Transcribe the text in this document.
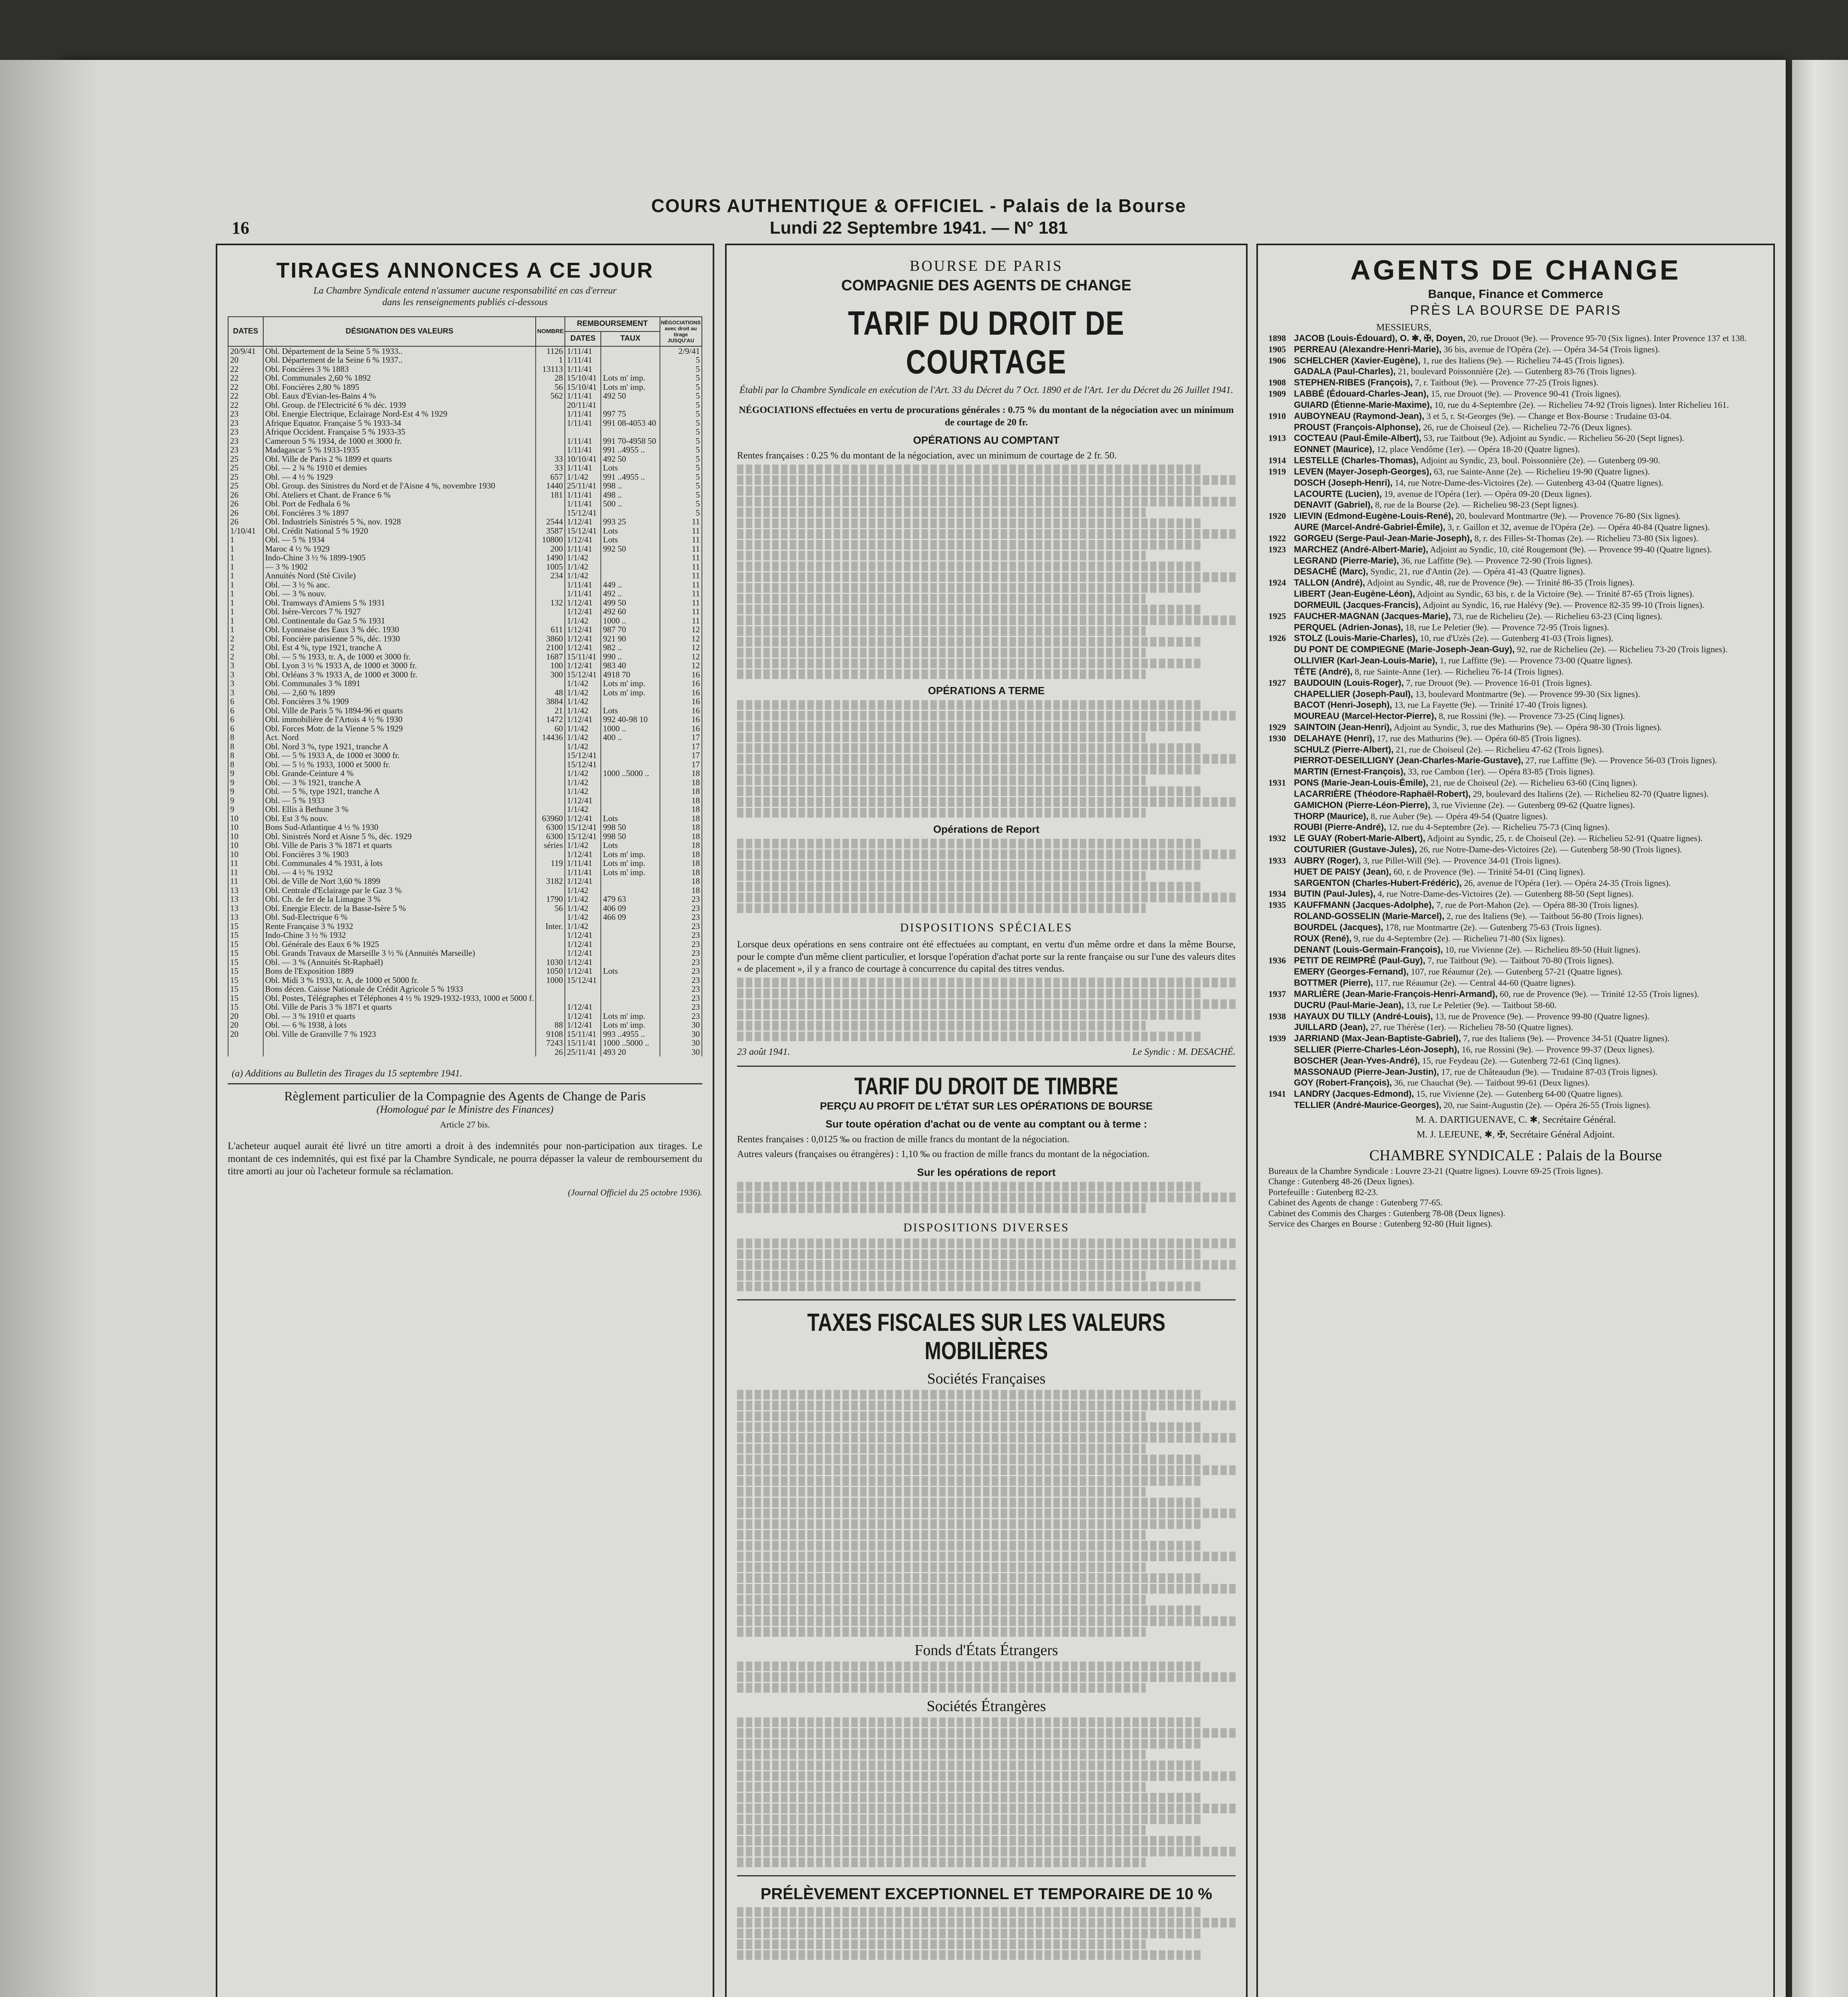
16
COURS AUTHENTIQUE & OFFICIEL - Palais de la Bourse
Lundi 22 Septembre 1941. — N° 181
TIRAGES ANNONCES A CE JOUR

La Chambre Syndicale entend n'assumer aucune responsabilité en cas d'erreur

dans les renseignements publiés ci-dessous

DATES	DÉSIGNATION DES VALEURS	NOMBRE	REMBOURSEMENT		NÉGOCIATIONS avec droit au tirage JUSQU'AU
			DATES	TAUX	
20/9/41	Obl. Département de la Seine 5 % 1933..	1126	1/11/41		2/9/41
20	Obl. Département de la Seine 6 % 1937..	1	1/11/41		5
22	Obl. Foncières 3 % 1883	13113	1/11/41		5
22	Obl. Communales 2,60 % 1892	28	15/10/41	Lots m' imp.	5
22	Obl. Foncières 2,80 % 1895	56	15/10/41	Lots m' imp.	5
22	Obl. Eaux d'Evian-les-Bains 4 %	562	1/11/41	492 50	5
22	Obl. Group. de l'Electricité 6 % déc. 1939		20/11/41		5
23	Obl. Energie Electrique, Eclairage Nord-Est 4 % 1929		1/11/41	997 75	5
23	Afrique Equator. Française 5 % 1933-34		1/11/41	991 08-4053 40	5
23	Afrique Occident. Française 5 % 1933-35				5
23	Cameroun 5 % 1934, de 1000 et 3000 fr.		1/11/41	991 70-4958 50	5
23	Madagascar 5 % 1933-1935		1/11/41	991 ..4955 ..	5
25	Obl. Ville de Paris 2 % 1899 et quarts	33	10/10/41	492 50	5
25	Obl. — 2 ¾ % 1910 et demies	33	1/11/41	Lots	5
25	Obl. — 4 ½ % 1929	657	1/1/42	991 ..4955 ..	5
25	Obl. Group. des Sinistres du Nord et de l'Aisne 4 %, novembre 1930	1440	25/11/41	998 ..	5
26	Obl. Ateliers et Chant. de France 6 %	181	1/11/41	498 ..	5
26	Obl. Port de Fedhala 6 %		1/11/41	500 ..	5
26	Obl. Foncières 3 % 1897		15/12/41		5
26	Obl. Industriels Sinistrés 5 %, nov. 1928	2544	1/12/41	993 25	11
1/10/41	Obl. Crédit National 5 % 1920	3587	15/12/41	Lots	11
1	Obl. — 5 % 1934	10800	1/12/41	Lots	11
1	Maroc 4 ½ % 1929	200	1/11/41	992 50	11
1	Indo-Chine 3 ½ % 1899-1905	1490	1/1/42		11
1	— 3 % 1902	1005	1/1/42		11
1	Annuités Nord (Stè Civile)	234	1/1/42		11
1	Obl. — 3 ½ % anc.		1/11/41	449 ..	11
1	Obl. — 3 % nouv.		1/11/41	492 ..	11
1	Obl. Tramways d'Amiens 5 % 1931	132	1/12/41	499 50	11
1	Obl. Isère-Vercors 7 % 1927		1/12/41	492 60	11
1	Obl. Continentale du Gaz 5 % 1931		1/1/42	1000 ..	11
1	Obl. Lyonnaise des Eaux 3 % déc. 1930	611	1/12/41	987 70	12
2	Obl. Foncière parisienne 5 %, déc. 1930	3860	1/12/41	921 90	12
2	Obl. Est 4 %, type 1921, tranche A	2100	1/12/41	982 ..	12
2	Obl. — 5 % 1933, tr. A, de 1000 et 3000 fr.	1687	15/11/41	990 ..	12
3	Obl. Lyon 3 ½ % 1933 A, de 1000 et 3000 fr.	100	1/12/41	983 40	12
3	Obl. Orléans 3 % 1933 A, de 1000 et 3000 fr.	300	15/12/41	4918 70	16
3	Obl. Communales 3 % 1891		1/1/42	Lots m' imp.	16
3	Obl. — 2,60 % 1899	48	1/1/42	Lots m' imp.	16
6	Obl. Foncières 3 % 1909	3884	1/1/42		16
6	Obl. Ville de Paris 5 % 1894-96 et quarts	21	1/1/42	Lots	16
6	Obl. immobilière de l'Artois 4 ½ % 1930	1472	1/12/41	992 40-98 10	16
6	Obl. Forces Motr. de la Vienne 5 % 1929	60	1/1/42	1000 ..	16
8	Act. Nord	14436	1/1/42	400 ..	17
8	Obl. Nord 3 %, type 1921, tranche A		1/1/42		17
8	Obl. — 5 % 1933 A, de 1000 et 3000 fr.		15/12/41		17
8	Obl. — 5 ½ % 1933, 1000 et 5000 fr.		15/12/41		17
9	Obl. Grande-Ceinture 4 %		1/1/42	1000 ..5000 ..	18
9	Obl. — 3 % 1921, tranche A		1/1/42		18
9	Obl. — 5 %, type 1921, tranche A		1/1/42		18
9	Obl. — 5 % 1933		1/12/41		18
9	Obl. Ellis à Bethune 3 %		1/1/42		18
10	Obl. Est 3 % nouv.	63960	1/12/41	Lots	18
10	Bons Sud-Atlantique 4 ½ % 1930	6300	15/12/41	998 50	18
10	Obl. Sinistrés Nord et Aisne 5 %, déc. 1929	6300	15/12/41	998 50	18
10	Obl. Ville de Paris 3 % 1871 et quarts	séries	1/1/42	Lots	18
10	Obl. Foncières 3 % 1903		1/12/41	Lots m' imp.	18
11	Obl. Communales 4 % 1931, à lots	119	1/11/41	Lots m' imp.	18
11	Obl. — 4 ½ % 1932		1/11/41	Lots m' imp.	18
11	Obl. de Ville de Nort 3,60 % 1899	3182	1/12/41		18
13	Obl. Centrale d'Eclairage par le Gaz 3 %		1/1/42		18
13	Obl. Ch. de fer de la Limagne 3 %	1790	1/1/42	479 63	23
13	Obl. Energie Electr. de la Basse-Isère 5 %	56	1/1/42	406 09	23
13	Obl. Sud-Electrique 6 %		1/1/42	466 09	23
15	Rente Française 3 % 1932	Inter.	1/1/42		23
15	Indo-Chine 3 ½ % 1932		1/12/41		23
15	Obl. Générale des Eaux 6 % 1925		1/12/41		23
15	Obl. Grands Travaux de Marseille 3 ½ % (Annuités Marseille)		1/12/41		23
15	Obl. — 3 % (Annuités St-Raphaël)	1030	1/12/41		23
15	Bons de l'Exposition 1889	1050	1/12/41	Lots	23
15	Obl. Midi 3 % 1933, tr. A, de 1000 et 5000 fr.	1000	15/12/41		23
15	Bons décen. Caisse Nationale de Crédit Agricole 5 % 1933				23
15	Obl. Postes, Télégraphes et Téléphones 4 ½ % 1929-1932-1933, 1000 et 5000 f.				23
15	Obl. Ville de Paris 3 % 1871 et quarts		1/12/41		23
20	Obl. — 3 % 1910 et quarts		1/12/41	Lots m' imp.	23
20	Obl. — 6 % 1938, à lots	88	1/12/41	Lots m' imp.	30
20	Obl. Ville de Granville 7 % 1923	9108	15/11/41	993 ..4955 ..	30
		7243	15/11/41	1000 ..5000 ..	30
		26	25/11/41	493 20	30
(a) Additions au Bulletin des Tirages du 15 septembre 1941.

Règlement particulier de la Compagnie des Agents de Change de Paris

(Homologué par le Ministre des Finances)

Article 27 bis.

L'acheteur auquel aurait été livré un titre amorti a droit à des indemnités pour non-participation aux tirages. Le montant de ces indemnités, qui est fixé par la Chambre Syndicale, ne pourra dépasser la valeur de remboursement du titre amorti au jour où l'acheteur formule sa réclamation.

(Journal Officiel du 25 octobre 1936).

BOURSE DE PARIS
COMPAGNIE DES AGENTS DE CHANGE
TARIF DU DROIT DE COURTAGE

Établi par la Chambre Syndicale en exécution de l'Art. 33 du Décret du 7 Oct. 1890 et de l'Art. 1er du Décret du 26 Juillet 1941.

NÉGOCIATIONS effectuées en vertu de procurations générales : 0.75 % du montant de la négociation avec un minimum de courtage de 20 fr.

OPÉRATIONS AU COMPTANT

Rentes françaises : 0.25 % du montant de la négociation, avec un minimum de courtage de 2 fr. 50.

OPÉRATIONS A TERME
Opérations de Report
DISPOSITIONS SPÉCIALES

Lorsque deux opérations en sens contraire ont été effectuées au comptant, en vertu d'un même ordre et dans la même Bourse, pour le compte d'un même client particulier, et lorsque l'opération d'achat porte sur la rente française ou sur l'une des valeurs dites « de placement », il y a franco de courtage à concurrence du capital des titres vendus.

23 août 1941.	Le Syndic : M. DESACHÉ.
TARIF DU DROIT DE TIMBRE
PERÇU AU PROFIT DE L'ÉTAT SUR LES OPÉRATIONS DE BOURSE
Sur toute opération d'achat ou de vente au comptant ou à terme :

Rentes françaises : 0,0125 ‰ ou fraction de mille francs du montant de la négociation.

Autres valeurs (françaises ou étrangères) : 1,10 ‰ ou fraction de mille francs du montant de la négociation.

Sur les opérations de report
DISPOSITIONS DIVERSES
TAXES FISCALES SUR LES VALEURS MOBILIÈRES
Sociétés Françaises
Fonds d'États Étrangers
Sociétés Étrangères
PRÉLÈVEMENT EXCEPTIONNEL ET TEMPORAIRE DE 10 %
AGENTS DE CHANGE
Banque, Finance et Commerce
PRÈS LA BOURSE DE PARIS
MESSIEURS,
1898 JACOB (Louis-Édouard), O. ✱, ✠, Doyen, 20, rue Drouot (9e). — Provence 95-70 (Six lignes). Inter Provence 137 et 138.
1905 PERREAU (Alexandre-Henri-Marie), 36 bis, avenue de l'Opéra (2e). — Opéra 34-54 (Trois lignes).
1906 SCHELCHER (Xavier-Eugène), 1, rue des Italiens (9e). — Richelieu 74-45 (Trois lignes).
GADALA (Paul-Charles), 21, boulevard Poissonnière (2e). — Gutenberg 83-76 (Trois lignes).
1908 STEPHEN-RIBES (François), 7, r. Taitbout (9e). — Provence 77-25 (Trois lignes).
1909 LABBÉ (Édouard-Charles-Jean), 15, rue Drouot (9e). — Provence 90-41 (Trois lignes).
GUIARD (Étienne-Marie-Maxime), 10, rue du 4-Septembre (2e). — Richelieu 74-92 (Trois lignes). Inter Richelieu 161.
1910 AUBOYNEAU (Raymond-Jean), 3 et 5, r. St-Georges (9e). — Change et Box-Bourse : Trudaine 03-04.
PROUST (François-Alphonse), 26, rue de Choiseul (2e). — Richelieu 72-76 (Deux lignes).
1913 COCTEAU (Paul-Émile-Albert), 53, rue Taitbout (9e). Adjoint au Syndic. — Richelieu 56-20 (Sept lignes).
EONNET (Maurice), 12, place Vendôme (1er). — Opéra 18-20 (Quatre lignes).
1914 LESTELLE (Charles-Thomas), Adjoint au Syndic, 23, boul. Poissonnière (2e). — Gutenberg 09-90.
1919 LEVEN (Mayer-Joseph-Georges), 63, rue Sainte-Anne (2e). — Richelieu 19-90 (Quatre lignes).
DOSCH (Joseph-Henri), 14, rue Notre-Dame-des-Victoires (2e). — Gutenberg 43-04 (Quatre lignes).
LACOURTE (Lucien), 19, avenue de l'Opéra (1er). — Opéra 09-20 (Deux lignes).
DENAVIT (Gabriel), 8, rue de la Bourse (2e). — Richelieu 98-23 (Sept lignes).
1920 LIEVIN (Edmond-Eugène-Louis-René), 20, boulevard Montmartre (9e). — Provence 76-80 (Six lignes).
AURE (Marcel-André-Gabriel-Émile), 3, r. Gaillon et 32, avenue de l'Opéra (2e). — Opéra 40-84 (Quatre lignes).
1922 GORGEU (Serge-Paul-Jean-Marie-Joseph), 8, r. des Filles-St-Thomas (2e). — Richelieu 73-80 (Six lignes).
1923 MARCHEZ (André-Albert-Marie), Adjoint au Syndic, 10, cité Rougemont (9e). — Provence 99-40 (Quatre lignes).
LEGRAND (Pierre-Marie), 36, rue Laffitte (9e). — Provence 72-90 (Trois lignes).
DESACHÉ (Marc), Syndic, 21, rue d'Antin (2e). — Opéra 41-43 (Quatre lignes).
1924 TALLON (André), Adjoint au Syndic, 48, rue de Provence (9e). — Trinité 86-35 (Trois lignes).
LIBERT (Jean-Eugène-Léon), Adjoint au Syndic, 63 bis, r. de la Victoire (9e). — Trinité 87-65 (Trois lignes).
DORMEUIL (Jacques-Francis), Adjoint au Syndic, 16, rue Halévy (9e). — Provence 82-35 99-10 (Trois lignes).
1925 FAUCHER-MAGNAN (Jacques-Marie), 73, rue de Richelieu (2e). — Richelieu 63-23 (Cinq lignes).
PERQUEL (Adrien-Jonas), 18, rue Le Peletier (9e). — Provence 72-95 (Trois lignes).
1926 STOLZ (Louis-Marie-Charles), 10, rue d'Uzès (2e). — Gutenberg 41-03 (Trois lignes).
DU PONT DE COMPIEGNE (Marie-Joseph-Jean-Guy), 92, rue de Richelieu (2e). — Richelieu 73-20 (Trois lignes).
OLLIVIER (Karl-Jean-Louis-Marie), 1, rue Laffitte (9e). — Provence 73-00 (Quatre lignes).
TÊTE (André), 8, rue Sainte-Anne (1er). — Richelieu 76-14 (Trois lignes).
1927 BAUDOUIN (Louis-Roger), 7, rue Drouot (9e). — Provence 16-01 (Trois lignes).
CHAPELLIER (Joseph-Paul), 13, boulevard Montmartre (9e). — Provence 99-30 (Six lignes).
BACOT (Henri-Joseph), 13, rue La Fayette (9e). — Trinité 17-40 (Trois lignes).
MOUREAU (Marcel-Hector-Pierre), 8, rue Rossini (9e). — Provence 73-25 (Cinq lignes).
1929 SAINTOIN (Jean-Henri), Adjoint au Syndic, 3, rue des Mathurins (9e). — Opéra 98-30 (Trois lignes).
1930 DELAHAYE (Henri), 17, rue des Mathurins (9e). — Opéra 60-85 (Trois lignes).
SCHULZ (Pierre-Albert), 21, rue de Choiseul (2e). — Richelieu 47-62 (Trois lignes).
PIERROT-DESEILLIGNY (Jean-Charles-Marie-Gustave), 27, rue Laffitte (9e). — Provence 56-03 (Trois lignes).
MARTIN (Ernest-François), 33, rue Cambon (1er). — Opéra 83-85 (Trois lignes).
1931 PONS (Marie-Jean-Louis-Émile), 21, rue de Choiseul (2e). — Richelieu 63-60 (Cinq lignes).
LACARRIÈRE (Théodore-Raphaël-Robert), 29, boulevard des Italiens (2e). — Richelieu 82-70 (Quatre lignes).
GAMICHON (Pierre-Léon-Pierre), 3, rue Vivienne (2e). — Gutenberg 09-62 (Quatre lignes).
THORP (Maurice), 8, rue Auber (9e). — Opéra 49-54 (Quatre lignes).
ROUBI (Pierre-André), 12, rue du 4-Septembre (2e). — Richelieu 75-73 (Cinq lignes).
1932 LE GUAY (Robert-Marie-Albert), Adjoint au Syndic, 25, r. de Choiseul (2e). — Richelieu 52-91 (Quatre lignes).
COUTURIER (Gustave-Jules), 26, rue Notre-Dame-des-Victoires (2e). — Gutenberg 58-90 (Trois lignes).
1933 AUBRY (Roger), 3, rue Pillet-Will (9e). — Provence 34-01 (Trois lignes).
HUET DE PAISY (Jean), 60, r. de Provence (9e). — Trinité 54-01 (Cinq lignes).
SARGENTON (Charles-Hubert-Frédéric), 26, avenue de l'Opéra (1er). — Opéra 24-35 (Trois lignes).
1934 BUTIN (Paul-Jules), 4, rue Notre-Dame-des-Victoires (2e). — Gutenberg 88-50 (Sept lignes).
1935 KAUFFMANN (Jacques-Adolphe), 7, rue de Port-Mahon (2e). — Opéra 88-30 (Trois lignes).
ROLAND-GOSSELIN (Marie-Marcel), 2, rue des Italiens (9e). — Taitbout 56-80 (Trois lignes).
BOURDEL (Jacques), 178, rue Montmartre (2e). — Gutenberg 75-63 (Trois lignes).
ROUX (René), 9, rue du 4-Septembre (2e). — Richelieu 71-80 (Six lignes).
DENANT (Louis-Germain-François), 10, rue Vivienne (2e). — Richelieu 89-50 (Huit lignes).
1936 PETIT DE REIMPRÉ (Paul-Guy), 7, rue Taitbout (9e). — Taitbout 70-80 (Trois lignes).
EMERY (Georges-Fernand), 107, rue Réaumur (2e). — Gutenberg 57-21 (Quatre lignes).
BOTTMER (Pierre), 117, rue Réaumur (2e). — Central 44-60 (Quatre lignes).
1937 MARLIÈRE (Jean-Marie-François-Henri-Armand), 60, rue de Provence (9e). — Trinité 12-55 (Trois lignes).
DUCRU (Paul-Marie-Jean), 13, rue Le Peletier (9e). — Taitbout 58-60.
1938 HAYAUX DU TILLY (André-Louis), 13, rue de Provence (9e). — Provence 99-80 (Quatre lignes).
JUILLARD (Jean), 27, rue Thérèse (1er). — Richelieu 78-50 (Quatre lignes).
1939 JARRIAND (Max-Jean-Baptiste-Gabriel), 7, rue des Italiens (9e). — Provence 34-51 (Quatre lignes).
SELLIER (Pierre-Charles-Léon-Joseph), 16, rue Rossini (9e). — Provence 99-37 (Deux lignes).
BOSCHER (Jean-Yves-André), 15, rue Feydeau (2e). — Gutenberg 72-61 (Cinq lignes).
MASSONAUD (Pierre-Jean-Justin), 17, rue de Châteaudun (9e). — Trudaine 87-03 (Trois lignes).
GOY (Robert-François), 36, rue Chauchat (9e). — Taitbout 99-61 (Deux lignes).
1941 LANDRY (Jacques-Edmond), 15, rue Vivienne (2e). — Gutenberg 64-00 (Quatre lignes).
TELLIER (André-Maurice-Georges), 20, rue Saint-Augustin (2e). — Opéra 26-55 (Trois lignes).
M. A. DARTIGUENAVE, C. ✱, Secrétaire Général.
M. J. LEJEUNE, ✱, ✠, Secrétaire Général Adjoint.
CHAMBRE SYNDICALE : Palais de la Bourse
Bureaux de la Chambre Syndicale : Louvre 23-21 (Quatre lignes). Louvre 69-25 (Trois lignes).
Change : Gutenberg 48-26 (Deux lignes).
Portefeuille : Gutenberg 82-23.
Cabinet des Agents de change : Gutenberg 77-65.
Cabinet des Commis des Charges : Gutenberg 78-08 (Deux lignes).
Service des Charges en Bourse : Gutenberg 92-80 (Huit lignes).
